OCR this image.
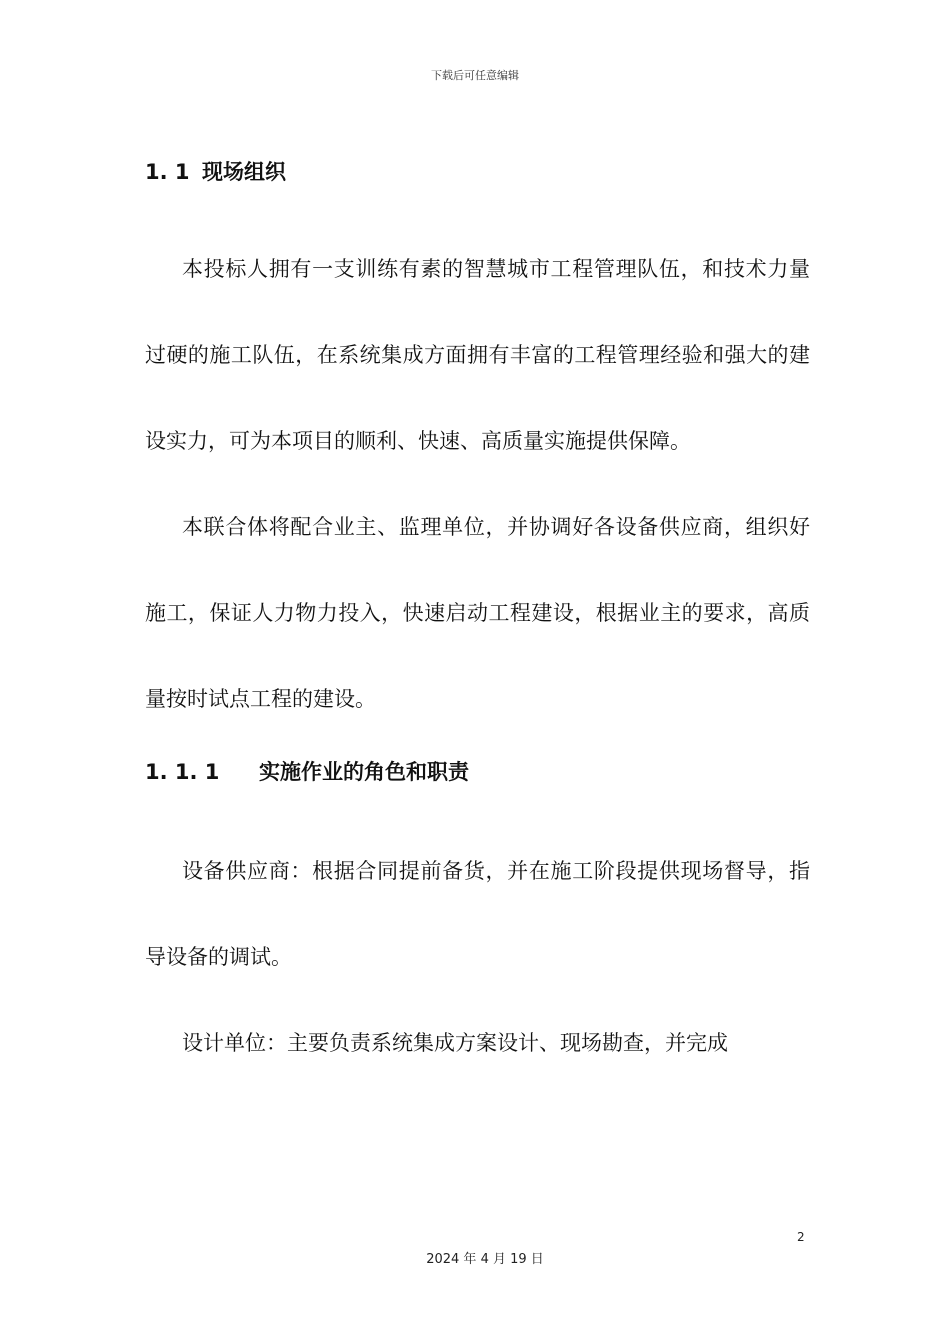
下载后可任意编辑
1. 1 现场组织

本投标人拥有一支训练有素的智慧城市工程管理队伍，和技术力量过硬的施工队伍，在系统集成方面拥有丰富的工程管理经验和强大的建设实力，可为本项目的顺利、快速、高质量实施提供保障。

本联合体将配合业主、监理单位，并协调好各设备供应商，组织好施工，保证人力物力投入，快速启动工程建设，根据业主的要求，高质量按时试点工程的建设。

1. 1. 1 实施作业的角色和职责

设备供应商：根据合同提前备货，并在施工阶段提供现场督导，指导设备的调试。

设计单位：主要负责系统集成方案设计、现场勘查，并完成

2
2024 年 4 月 19 日
